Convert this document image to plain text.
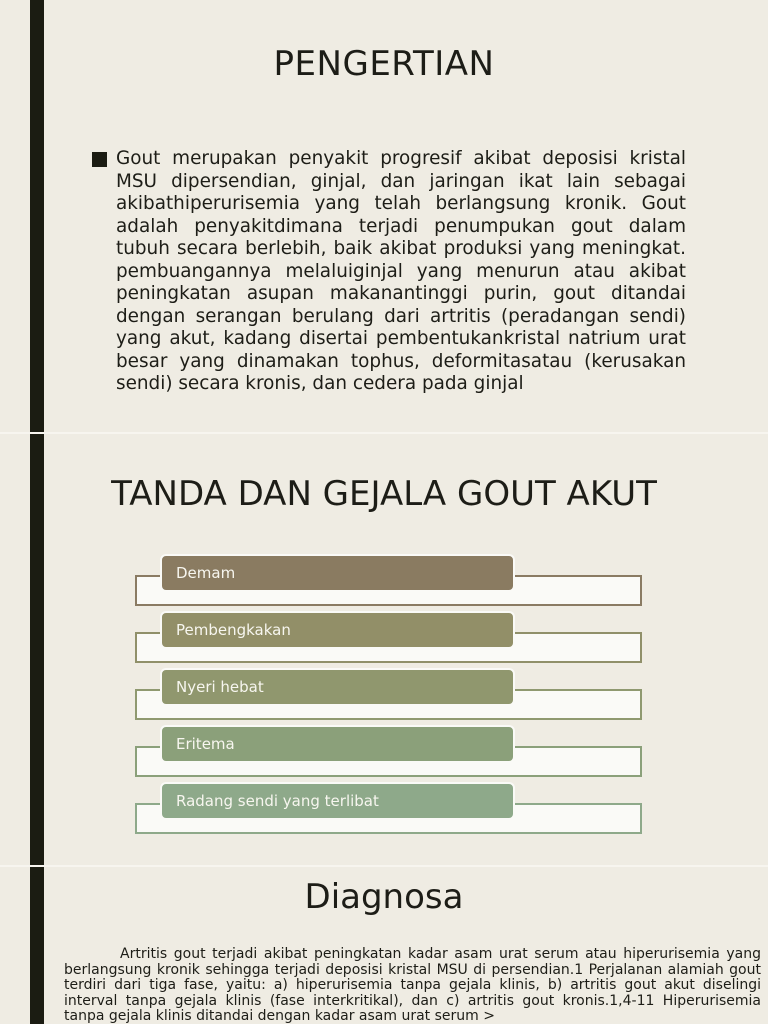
PENGERTIAN
Gout merupakan penyakit progresif akibat deposisi kristal MSU dipersendian, ginjal, dan jaringan ikat lain sebagai akibathiperurisemia yang telah berlangsung kronik. Gout adalah penyakitdimana terjadi penumpukan gout dalam tubuh secara berlebih, baik akibat produksi yang meningkat. pembuangannya melaluiginjal yang menurun atau akibat peningkatan asupan makanantinggi purin, gout ditandai dengan serangan berulang dari artritis (peradangan sendi) yang akut, kadang disertai pembentukankristal natrium urat besar yang dinamakan tophus, deformitasatau (kerusakan sendi) secara kronis, dan cedera pada ginjal
TANDA DAN GEJALA GOUT AKUT
Demam
Pembengkakan
Nyeri hebat
Eritema
Radang sendi yang terlibat
Diagnosa
Artritis gout terjadi akibat peningkatan kadar asam urat serum atau hiperurisemia yang berlangsung kronik sehingga terjadi deposisi kristal MSU di persendian.1 Perjalanan alamiah gout terdiri dari tiga fase, yaitu: a) hiperurisemia tanpa gejala klinis, b) artritis gout akut diselingi interval tanpa gejala klinis (fase interkritikal), dan c) artritis gout kronis.1,4-11 Hiperurisemia tanpa gejala klinis ditandai dengan kadar asam urat serum >
